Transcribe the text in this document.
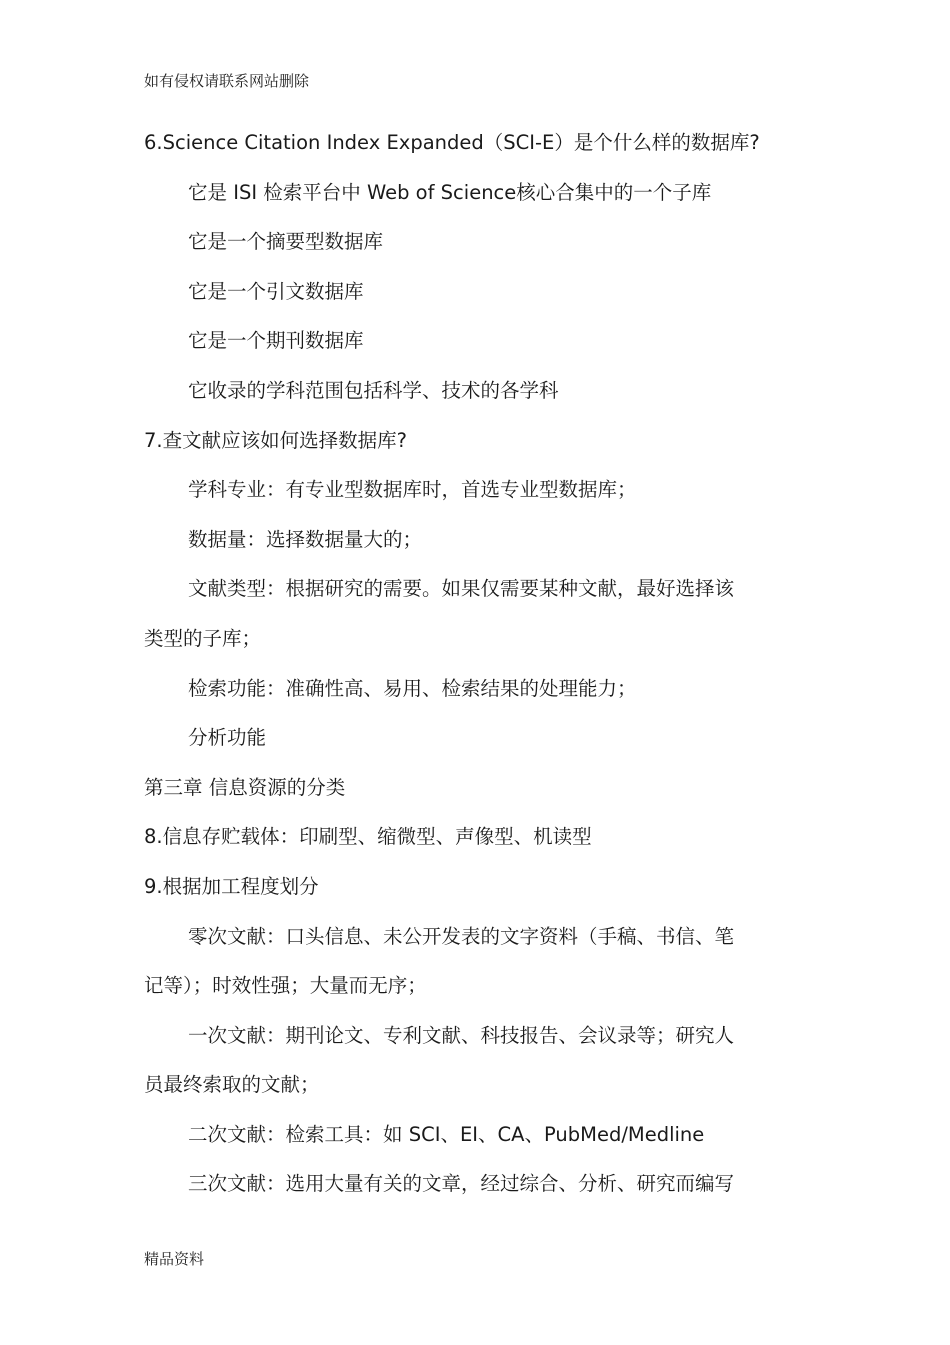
如有侵权请联系网站删除
6.Science Citation Index Expanded（SCI-E）是个什么样的数据库?
它是 ISI 检索平台中 Web of Science核心合集中的一个子库
它是一个摘要型数据库
它是一个引文数据库
它是一个期刊数据库
它收录的学科范围包括科学、技术的各学科
7.查文献应该如何选择数据库?
学科专业：有专业型数据库时，首选专业型数据库；
数据量：选择数据量大的；
文献类型：根据研究的需要。如果仅需要某种文献，最好选择该
类型的子库；
检索功能：准确性高、易用、检索结果的处理能力；
分析功能
第三章 信息资源的分类
8.信息存贮载体：印刷型、缩微型、声像型、机读型
9.根据加工程度划分
零次文献：口头信息、未公开发表的文字资料（手稿、书信、笔
记等）；时效性强；大量而无序；
一次文献：期刊论文、专利文献、科技报告、会议录等；研究人
员最终索取的文献；
二次文献：检索工具：如 SCI、EI、CA、PubMed/Medline
三次文献：选用大量有关的文章，经过综合、分析、研究而编写
精品资料
